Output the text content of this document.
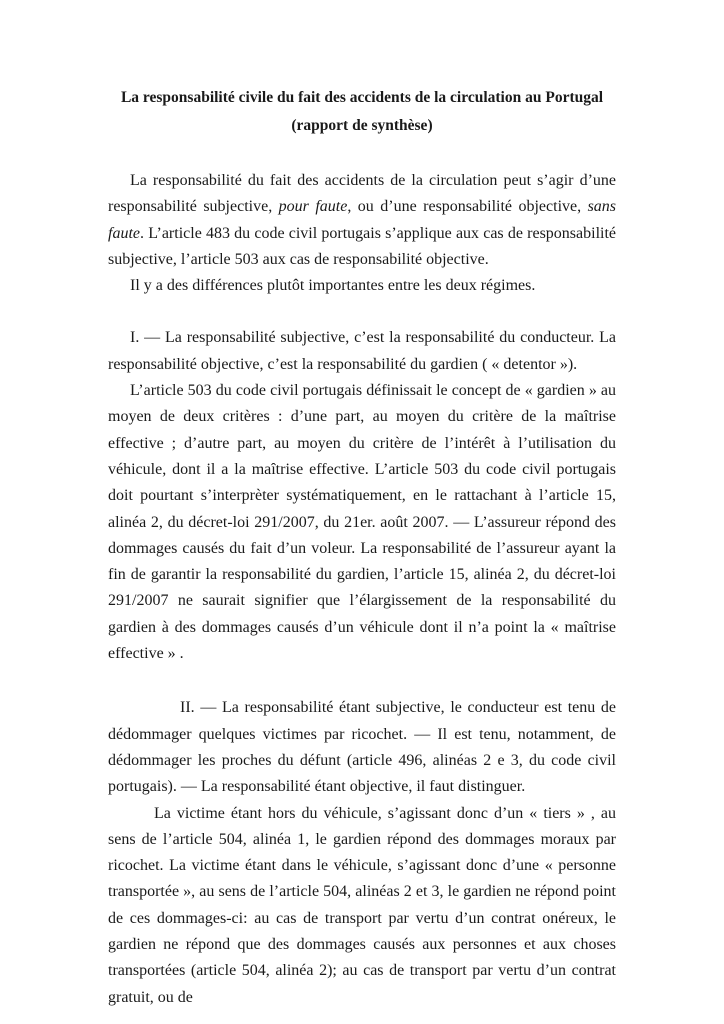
La responsabilité civile du fait des accidents de la circulation au Portugal

(rapport de synthèse)

La responsabilité du fait des accidents de la circulation peut s’agir d’une responsabilité subjective, pour faute, ou d’une responsabilité objective, sans faute. L’article 483 du code civil portugais s’applique aux cas de responsabilité subjective, l’article 503 aux cas de responsabilité objective.

Il y a des différences plutôt importantes entre les deux régimes.

I. — La responsabilité subjective, c’est la responsabilité du conducteur. La responsabilité objective, c’est la responsabilité du gardien ( « detentor »).

L’article 503 du code civil portugais définissait le concept de « gardien » au moyen de deux critères : d’une part, au moyen du critère de la maîtrise effective ; d’autre part, au moyen du critère de l’intérêt à l’utilisation du véhicule, dont il a la maîtrise effective. L’article 503 du code civil portugais doit pourtant s’interprèter systématiquement, en le rattachant à l’article 15, alinéa 2, du décret-loi 291/2007, du 21er. août 2007. — L’assureur répond des dommages causés du fait d’un voleur. La responsabilité de l’assureur ayant la fin de garantir la responsabilité du gardien, l’article 15, alinéa 2, du décret-loi 291/2007 ne saurait signifier que l’élargissement de la responsabilité du gardien à des dommages causés d’un véhicule dont il n’a point la « maîtrise effective » .

II. — La responsabilité étant subjective, le conducteur est tenu de dédommager quelques victimes par ricochet. — Il est tenu, notamment, de dédommager les proches du défunt (article 496, alinéas 2 e 3, du code civil portugais). — La responsabilité étant objective, il faut distinguer.

La victime étant hors du véhicule, s’agissant donc d’un « tiers » , au sens de l’article 504, alinéa 1, le gardien répond des dommages moraux par ricochet. La victime étant dans le véhicule, s’agissant donc d’une « personne transportée », au sens de l’article 504, alinéas 2 et 3, le gardien ne répond point de ces dommages-ci: au cas de transport par vertu d’un contrat onéreux, le gardien ne répond que des dommages causés aux personnes et aux choses transportées (article 504, alinéa 2); au cas de transport par vertu d’un contrat gratuit, ou de
